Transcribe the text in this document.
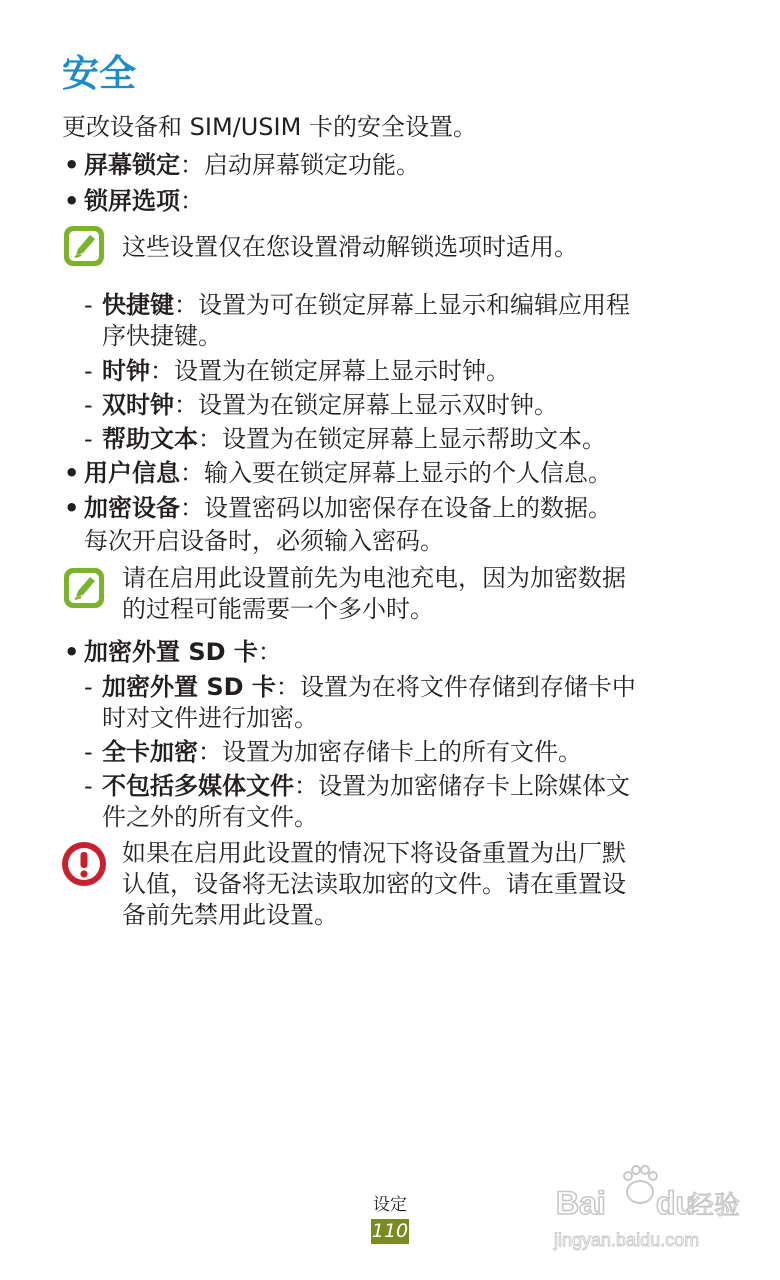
安全
更改设备和 SIM/USIM 卡的安全设置。
• 屏幕锁定：启动屏幕锁定功能。
• 锁屏选项：
这些设置仅在您设置滑动解锁选项时适用。
- 快捷键：设置为可在锁定屏幕上显示和编辑应用程
序快捷键。
- 时钟：设置为在锁定屏幕上显示时钟。
- 双时钟：设置为在锁定屏幕上显示双时钟。
- 帮助文本：设置为在锁定屏幕上显示帮助文本。
• 用户信息：输入要在锁定屏幕上显示的个人信息。
• 加密设备：设置密码以加密保存在设备上的数据。
每次开启设备时，必须输入密码。
请在启用此设置前先为电池充电，因为加密数据
的过程可能需要一个多小时。
• 加密外置 SD 卡：
- 加密外置 SD 卡：设置为在将文件存储到存储卡中
时对文件进行加密。
- 全卡加密：设置为加密存储卡上的所有文件。
- 不包括多媒体文件：设置为加密储存卡上除媒体文
件之外的所有文件。
如果在启用此设置的情况下将设备重置为出厂默
认值，设备将无法读取加密的文件。请在重置设
备前先禁用此设置。
设定
110
Bai du
经验
jingyan.baidu.com
